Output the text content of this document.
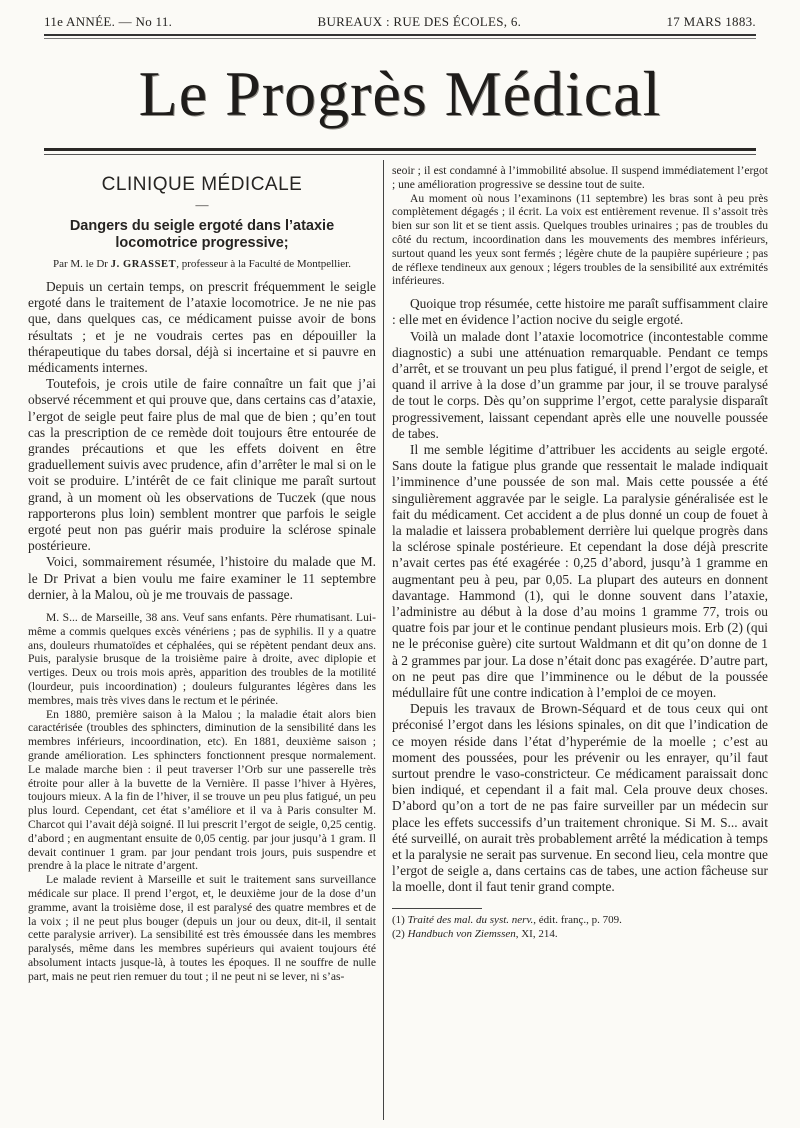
11e ANNÉE. — No 11.	BUREAUX : RUE DES ÉCOLES, 6.	17 MARS 1883.
Le Progrès Médical
CLINIQUE MÉDICALE
—
Dangers du seigle ergoté dans l’ataxie locomotrice progressive;
Par M. le Dr J. GRASSET, professeur à la Faculté de Montpellier.

Depuis un certain temps, on prescrit fréquemment le seigle ergoté dans le traitement de l’ataxie locomotrice. Je ne nie pas que, dans quelques cas, ce médicament puisse avoir de bons résultats ; et je ne voudrais certes pas en dépouiller la thérapeutique du tabes dorsal, déjà si incertaine et si pauvre en médicaments internes.

Toutefois, je crois utile de faire connaître un fait que j’ai observé récemment et qui prouve que, dans certains cas d’ataxie, l’ergot de seigle peut faire plus de mal que de bien ; qu’en tout cas la prescription de ce remède doit toujours être entourée de grandes précautions et que les effets doivent en être graduellement suivis avec prudence, afin d’arrêter le mal si on le voit se produire. L’intérêt de ce fait clinique me paraît surtout grand, à un moment où les observations de Tuczek (que nous rapporterons plus loin) semblent montrer que parfois le seigle ergoté peut non pas guérir mais produire la sclérose spinale postérieure.

Voici, sommairement résumée, l’histoire du malade que M. le Dr Privat a bien voulu me faire examiner le 11 septembre dernier, à la Malou, où je me trouvais de passage.

M. S... de Marseille, 38 ans. Veuf sans enfants. Père rhumatisant. Lui-même a commis quelques excès vénériens ; pas de syphilis. Il y a quatre ans, douleurs rhumatoïdes et céphalées, qui se répètent pendant deux ans. Puis, paralysie brusque de la troisième paire à droite, avec diplopie et vertiges. Deux ou trois mois après, apparition des troubles de la motilité (lourdeur, puis incoordination) ; douleurs fulgurantes légères dans les membres, mais très vives dans le rectum et le périnée.

En 1880, première saison à la Malou ; la maladie était alors bien caractérisée (troubles des sphincters, diminution de la sensibilité dans les membres inférieurs, incoordination, etc). En 1881, deuxième saison ; grande amélioration. Les sphincters fonctionnent presque normalement. Le malade marche bien : il peut traverser l’Orb sur une passerelle très étroite pour aller à la buvette de la Vernière. Il passe l’hiver à Hyères, toujours mieux. A la fin de l’hiver, il se trouve un peu plus fatigué, un peu plus lourd. Cependant, cet état s’améliore et il va à Paris consulter M. Charcot qui l’avait déjà soigné. Il lui prescrit l’ergot de seigle, 0,25 centig. d’abord ; en augmentant ensuite de 0,05 centig. par jour jusqu’à 1 gram. Il devait continuer 1 gram. par jour pendant trois jours, puis suspendre et prendre à la place le nitrate d’argent.

Le malade revient à Marseille et suit le traitement sans surveillance médicale sur place. Il prend l’ergot, et, le deuxième jour de la dose d’un gramme, avant la troisième dose, il est paralysé des quatre membres et de la voix ; il ne peut plus bouger (depuis un jour ou deux, dit-il, il sentait cette paralysie arriver). La sensibilité est très émoussée dans les membres paralysés, même dans les membres supérieurs qui avaient toujours été absolument intacts jusque-là, à toutes les époques. Il ne souffre de nulle part, mais ne peut rien remuer du tout ; il ne peut ni se lever, ni s’as-

seoir ; il est condamné à l’immobilité absolue. Il suspend immédiatement l’ergot ; une amélioration progressive se dessine tout de suite.

Au moment où nous l’examinons (11 septembre) les bras sont à peu près complètement dégagés ; il écrit. La voix est entièrement revenue. Il s’assoit très bien sur son lit et se tient assis. Quelques troubles urinaires ; pas de troubles du côté du rectum, incoordination dans les mouvements des membres inférieurs, surtout quand les yeux sont fermés ; légère chute de la paupière supérieure ; pas de réflexe tendineux aux genoux ; légers troubles de la sensibilité aux extrémités inférieures.

Quoique trop résumée, cette histoire me paraît suffisamment claire : elle met en évidence l’action nocive du seigle ergoté.

Voilà un malade dont l’ataxie locomotrice (incontestable comme diagnostic) a subi une atténuation remarquable. Pendant ce temps d’arrêt, et se trouvant un peu plus fatigué, il prend l’ergot de seigle, et quand il arrive à la dose d’un gramme par jour, il se trouve paralysé de tout le corps. Dès qu’on supprime l’ergot, cette paralysie disparaît progressivement, laissant cependant après elle une nouvelle poussée de tabes.

Il me semble légitime d’attribuer les accidents au seigle ergoté. Sans doute la fatigue plus grande que ressentait le malade indiquait l’imminence d’une poussée de son mal. Mais cette poussée a été singulièrement aggravée par le seigle. La paralysie généralisée est le fait du médicament. Cet accident a de plus donné un coup de fouet à la maladie et laissera probablement derrière lui quelque progrès dans la sclérose spinale postérieure. Et cependant la dose déjà prescrite n’avait certes pas été exagérée : 0,25 d’abord, jusqu’à 1 gramme en augmentant peu à peu, par 0,05. La plupart des auteurs en donnent davantage. Hammond (1), qui le donne souvent dans l’ataxie, l’administre au début à la dose d’au moins 1 gramme 77, trois ou quatre fois par jour et le continue pendant plusieurs mois. Erb (2) (qui ne le préconise guère) cite surtout Waldmann et dit qu’on donne de 1 à 2 grammes par jour. La dose n’était donc pas exagérée. D’autre part, on ne peut pas dire que l’imminence ou le début de la poussée médullaire fût une contre indication à l’emploi de ce moyen.

Depuis les travaux de Brown-Séquard et de tous ceux qui ont préconisé l’ergot dans les lésions spinales, on dit que l’indication de ce moyen réside dans l’état d’hyperémie de la moelle ; c’est au moment des poussées, pour les prévenir ou les enrayer, qu’il faut surtout prendre le vaso-constricteur. Ce médicament paraissait donc bien indiqué, et cependant il a fait mal. Cela prouve deux choses. D’abord qu’on a tort de ne pas faire surveiller par un médecin sur place les effets successifs d’un traitement chronique. Si M. S... avait été surveillé, on aurait très probablement arrêté la médication à temps et la paralysie ne serait pas survenue. En second lieu, cela montre que l’ergot de seigle a, dans certains cas de tabes, une action fâcheuse sur la moelle, dont il faut tenir grand compte.

(1) Traité des mal. du syst. nerv., édit. franç., p. 709.
(2) Handbuch von Ziemssen, XI, 214.
